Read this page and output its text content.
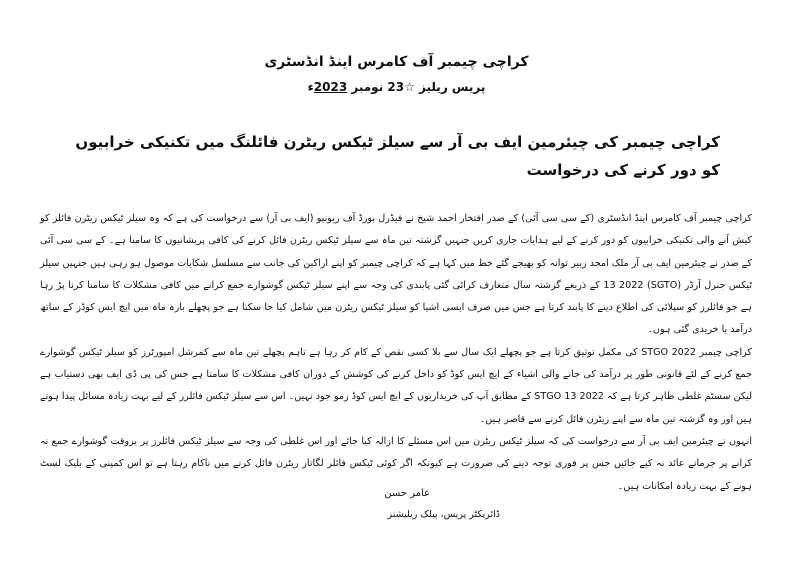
کراچی چیمبر آف کامرس اینڈ انڈسٹری
پریس ریلیز ☆23 نومبر 2023ء
کراچی چیمبر کی چیئرمین ایف بی آر سے سیلز ٹیکس ریٹرن فائلنگ میں تکنیکی خرابیوں کو دور کرنے کی درخواست

کراچی چیمبر آف کامرس اینڈ انڈسٹری (کے سی سی آئی) کے صدر افتخار احمد شیخ نے فیڈرل بورڈ آف ریونیو (ایف بی آر) سے درخواست کی ہے کہ وہ سیلز ٹیکس ریٹرن فائلز کو کیش آنے والی تکنیکی خرابیوں کو دور کرنے کے لیے ہدایات جاری کریں جنہیں گزشتہ تین ماہ سے سیلز ٹیکس ریٹرن فائل کرنے کی کافی پریشانیوں کا سامنا ہے۔ کے سی سی آئی کے صدر نے چیئرمین ایف بی آر ملک امجد زبیر توانہ کو بھیجے گئے خط میں کہا ہے کہ کراچی چیمبر کو اپنے اراکین کی جانب سے مسلسل شکایات موصول ہو رہی ہیں جنہیں سیلز ٹیکس جنرل آرڈر (SGTO) 13 2022 کے ذریعے گزشتہ سال متعارف کرائی گئی پابندی کی وجہ سے اپنے سیلز ٹیکس گوشوارے جمع کرانے میں کافی مشکلات کا سامنا کرنا پڑ رہا ہے جو فائلرز کو سپلائی کی اطلاع دینے کا پابند کرتا ہے جس میں صرف ایسی اشیا کو سیلز ٹیکس ریٹرن میں شامل کیا جا سکتا ہے جو پچھلے بارہ ماہ میں ایچ ایس کوڈز کے ساتھ درآمد یا خریدی گئی ہوں۔

کراچی چیمبر STGO 2022 کی مکمل توثیق کرتا ہے جو پچھلے ایک سال سے بلا کسی نقص کے کام کر رہا ہے تاہم پچھلے تین ماہ سے کمرشل امپورٹرز کو سیلز ٹیکس گوشوارے جمع کرنے کے لئے قانونی طور پر درآمد کی جانے والی اشیاء کے ایچ ایس کوڈ کو داخل کرنے کی کوشش کے دوران کافی مشکلات کا سامنا ہے جس کی پی ڈی ایف بھی دستیاب ہے لیکن سسٹم غلطی ظاہر کرتا ہے کہ STGO 13 2022 کے مطابق آپ کی خریداریوں کے ایچ ایس کوڈ زمو جود نہیں۔ اس سے سیلز ٹیکس فائلرز کے لیے بہت زیادہ مسائل پیدا ہوتے ہیں اور وہ گزشتہ تین ماہ سے اپنے ریٹرن فائل کرنے سے قاصر ہیں۔

انہوں نے چیئرمین ایف بی آر سے درخواست کی کہ سیلز ٹیکس ریٹرن میں اس مسئلے کا ازالہ کیا جائے اور اس غلطی کی وجہ سے سیلز ٹیکس فائلرز پر بروقت گوشوارے جمع نہ کرانے پر جرمانے عائد نہ کیے جائیں جس پر فوری توجہ دینے کی ضرورت ہے کیونکہ اگر کوئی ٹیکس فائلر لگاتار ریٹرن فائل کرنے میں ناکام رہتا ہے تو اس کمپنی کے بلیک لسٹ ہونے کے بہت زیادہ امکانات ہیں۔

عامر حسن
ڈائریکٹر پریس، پبلک ریلیشنز
